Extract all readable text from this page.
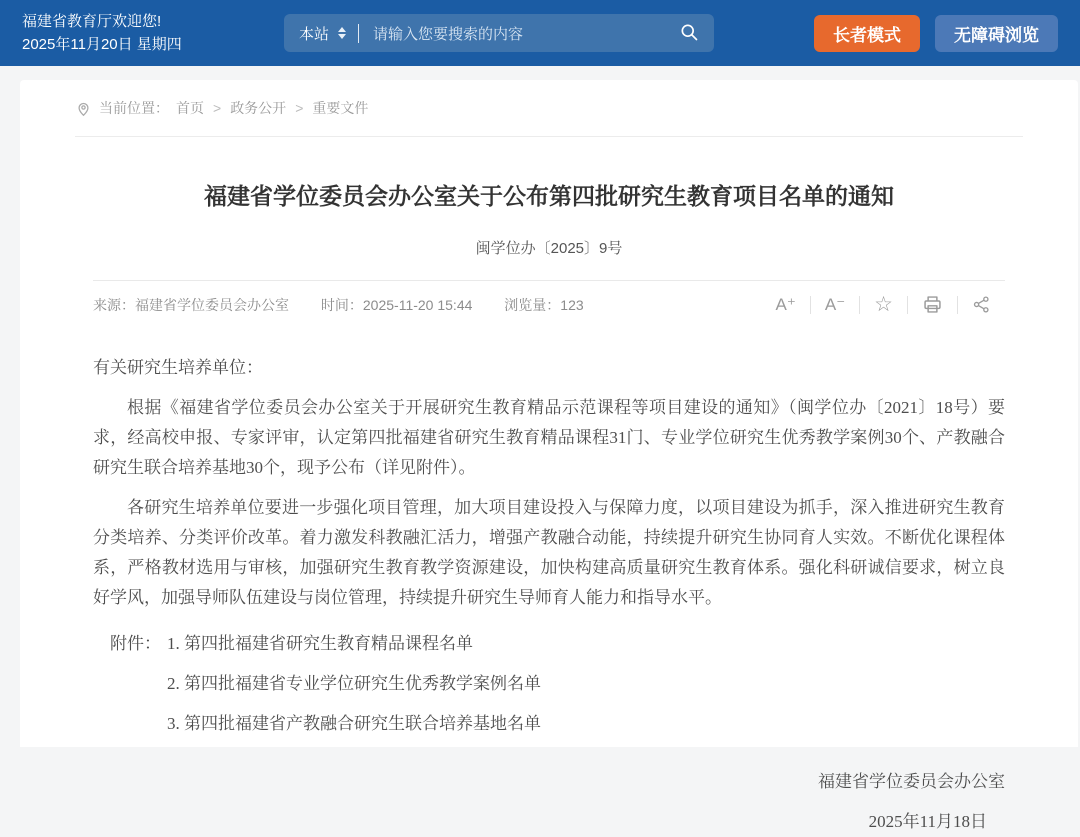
福建省教育厅欢迎您!
2025年11月20日 星期四
本站	请输入您要搜索的内容	长者模式	无障碍浏览
当前位置： 首页 > 政务公开 > 重要文件
福建省学位委员会办公室关于公布第四批研究生教育项目名单的通知
闽学位办〔2025〕9号
来源：福建省学位委员会办公室 时间：2025-11-20 15:44 浏览量：123	A⁺	A⁻	☆

有关研究生培养单位：

根据《福建省学位委员会办公室关于开展研究生教育精品示范课程等项目建设的通知》（闽学位办〔2021〕18号）要求，经高校申报、专家评审，认定第四批福建省研究生教育精品课程31门、专业学位研究生优秀教学案例30个、产教融合研究生联合培养基地30个，现予公布（详见附件）。

各研究生培养单位要进一步强化项目管理，加大项目建设投入与保障力度，以项目建设为抓手，深入推进研究生教育分类培养、分类评价改革。着力激发科教融汇活力，增强产教融合动能，持续提升研究生协同育人实效。不断优化课程体系，严格教材选用与审核，加强研究生教育教学资源建设，加快构建高质量研究生教育体系。强化科研诚信要求，树立良好学风，加强导师队伍建设与岗位管理，持续提升研究生导师育人能力和指导水平。

附件： 1. 第四批福建省研究生教育精品课程名单

2. 第四批福建省专业学位研究生优秀教学案例名单

3. 第四批福建省产教融合研究生联合培养基地名单

福建省学位委员会办公室
2025年11月18日
